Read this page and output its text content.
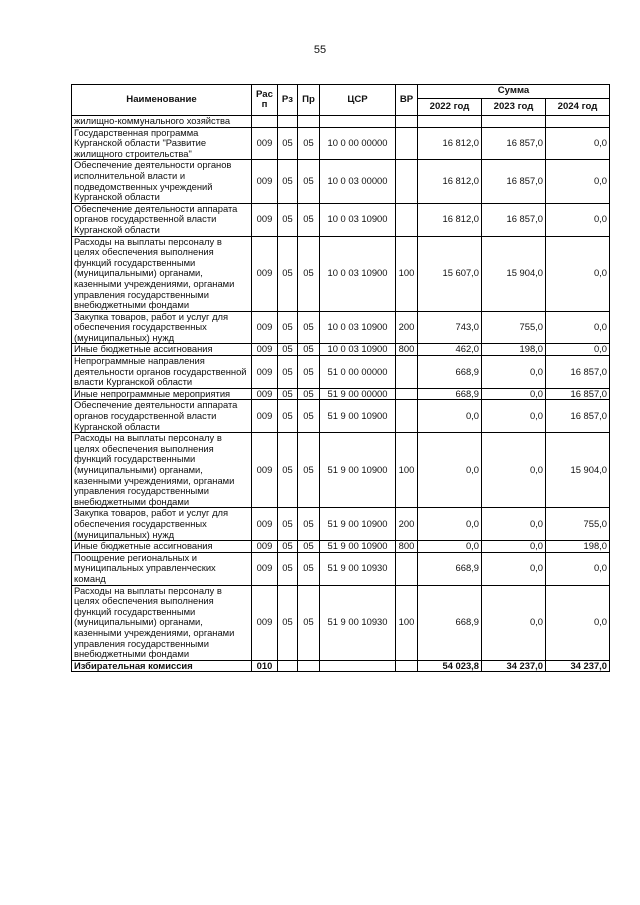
55
Наименование	Рас п	Рз	Пр	ЦСР	ВР	Сумма		
						2022 год	2023 год	2024 год
жилищно-коммунального хозяйства								
Государственная программа Курганской области "Развитие жилищного строительства"	009	05	05	10 0 00 00000		16 812,0	16 857,0	0,0
Обеспечение деятельности органов исполнительной власти и подведомственных учреждений Курганской области	009	05	05	10 0 03 00000		16 812,0	16 857,0	0,0
Обеспечение деятельности аппарата органов государственной власти Курганской области	009	05	05	10 0 03 10900		16 812,0	16 857,0	0,0
Расходы на выплаты персоналу в целях обеспечения выполнения функций государственными (муниципальными) органами, казенными учреждениями, органами управления государственными внебюджетными фондами	009	05	05	10 0 03 10900	100	15 607,0	15 904,0	0,0
Закупка товаров, работ и услуг для обеспечения государственных (муниципальных) нужд	009	05	05	10 0 03 10900	200	743,0	755,0	0,0
Иные бюджетные ассигнования	009	05	05	10 0 03 10900	800	462,0	198,0	0,0
Непрограммные направления деятельности органов государственной власти Курганской области	009	05	05	51 0 00 00000		668,9	0,0	16 857,0
Иные непрограммные мероприятия	009	05	05	51 9 00 00000		668,9	0,0	16 857,0
Обеспечение деятельности аппарата органов государственной власти Курганской области	009	05	05	51 9 00 10900		0,0	0,0	16 857,0
Расходы на выплаты персоналу в целях обеспечения выполнения функций государственными (муниципальными) органами, казенными учреждениями, органами управления государственными внебюджетными фондами	009	05	05	51 9 00 10900	100	0,0	0,0	15 904,0
Закупка товаров, работ и услуг для обеспечения государственных (муниципальных) нужд	009	05	05	51 9 00 10900	200	0,0	0,0	755,0
Иные бюджетные ассигнования	009	05	05	51 9 00 10900	800	0,0	0,0	198,0
Поощрение региональных и муниципальных управленческих команд	009	05	05	51 9 00 10930		668,9	0,0	0,0
Расходы на выплаты персоналу в целях обеспечения выполнения функций государственными (муниципальными) органами, казенными учреждениями, органами управления государственными внебюджетными фондами	009	05	05	51 9 00 10930	100	668,9	0,0	0,0
Избирательная комиссия	010					54 023,8	34 237,0	34 237,0
